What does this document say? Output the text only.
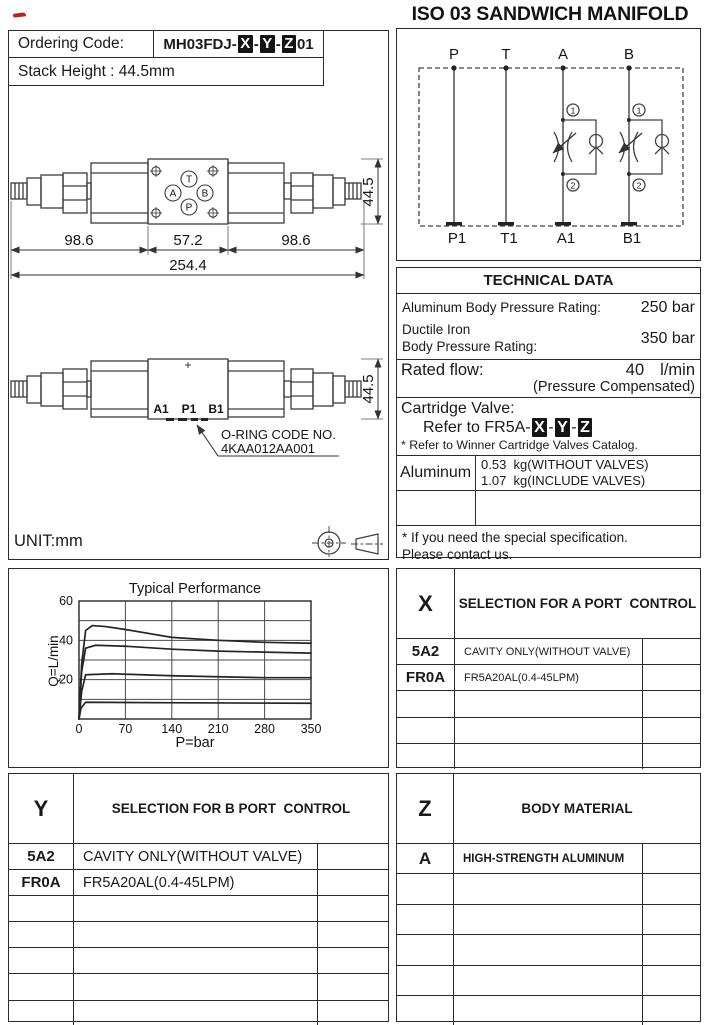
ISO 03 SANDWICH MANIFOLD
Ordering Code:	MH03FDJ- X - Y - Z 01
Stack Height : 44.5mm
T
A	B
P
44.5
98.6	57.2	98.6
254.4
A1 P1 B1
O-RING CODE NO.
4KAA012AA001
44.5
UNIT:mm
P	T	A	B
1
2
1
2
P1 T1	A1	B1
TECHNICAL DATA
Aluminum Body Pressure Rating: 250 bar
Ductile Iron
Body Pressure Rating:	350 bar
Rated flow:	40 l/min
(Pressure Compensated)
Cartridge Valve:
Refer to FR5A- X - Y - Z
* Refer to Winner Cartridge Valves Catalog.
Aluminum 0.53  kg(WITHOUT VALVES)
1.07  kg(INCLUDE VALVES)
* If you need the special specification.
Please contact us.
Typical Performance
Q=L/min
P=bar
0	70 140 210 280 350
20
40
60	X	SELECTION FOR A PORT  CONTROL
5A2	CAVITY ONLY(WITHOUT VALVE)
FR0A	FR5A20AL(0.4-45LPM)
Y	SELECTION FOR B PORT  CONTROL
5A2	CAVITY ONLY(WITHOUT VALVE)
FR0A	FR5A20AL(0.4-45LPM)
Z	BODY MATERIAL
A	HIGH-STRENGTH ALUMINUM
